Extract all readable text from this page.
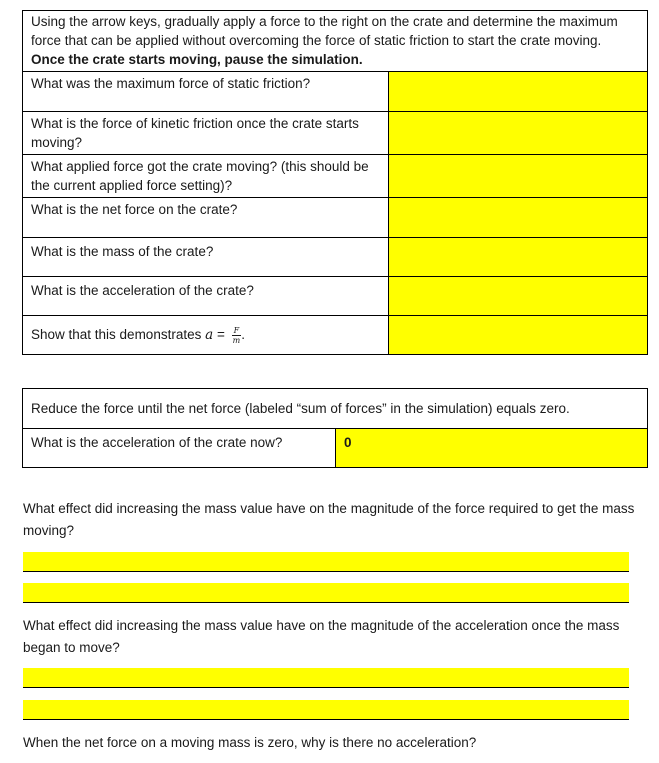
Using the arrow keys, gradually apply a force to the right on the crate and determine the maximum force that can be applied without overcoming the force of static friction to start the crate moving.  Once the crate starts moving, pause the simulation.	
What was the maximum force of static friction?	
What is the force of kinetic friction once the crate starts moving?	
What applied force got the crate moving? (this should be the current applied force setting)?	
What is the net force on the crate?	
What is the mass of the crate?	
What is the acceleration of the crate?	
Show that this demonstrates $a = \frac{F}{m}$ .	
Reduce the force until the net force (labeled “sum of forces” in the simulation) equals zero.
What is the acceleration of the crate now?	0

What effect did increasing the mass value have on the magnitude of the force required to get the mass moving?

What effect did increasing the mass value have on the magnitude of the acceleration once the mass began to move?

When the net force on a moving mass is zero, why is there no acceleration?
